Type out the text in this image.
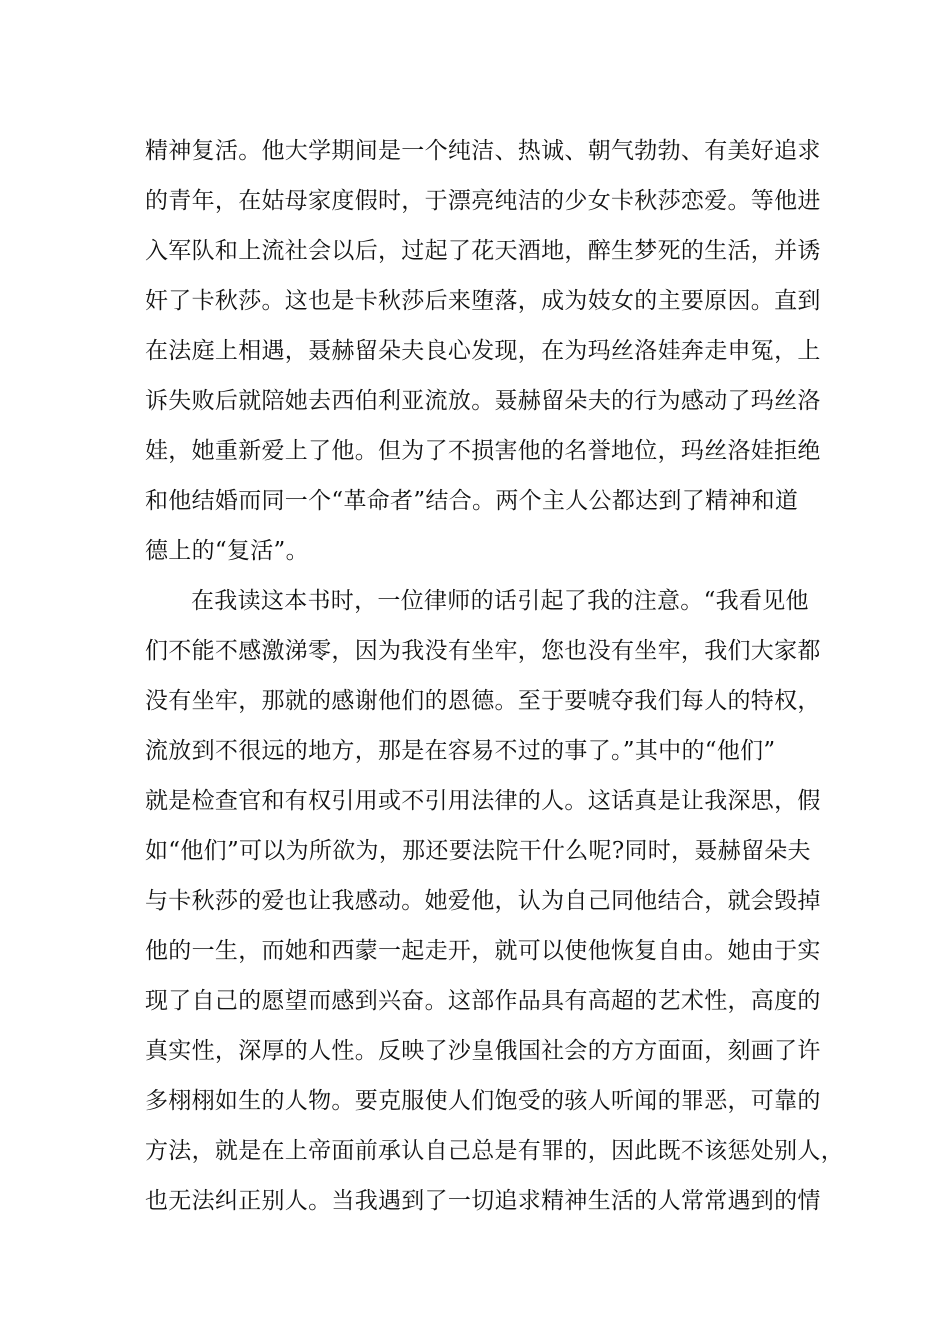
精神复活。他大学期间是一个纯洁、热诚、朝气勃勃、有美好追求
的青年，在姑母家度假时，于漂亮纯洁的少女卡秋莎恋爱。等他进
入军队和上流社会以后，过起了花天酒地，醉生梦死的生活，并诱
奸了卡秋莎。这也是卡秋莎后来堕落，成为妓女的主要原因。直到
在法庭上相遇，聂赫留朵夫良心发现，在为玛丝洛娃奔走申冤，上
诉失败后就陪她去西伯利亚流放。聂赫留朵夫的行为感动了玛丝洛
娃，她重新爱上了他。但为了不损害他的名誉地位，玛丝洛娃拒绝
和他结婚而同一个“革命者”结合。两个主人公都达到了精神和道
德上的“复活”。
在我读这本书时，一位律师的话引起了我的注意。“我看见他
们不能不感激涕零，因为我没有坐牢，您也没有坐牢，我们大家都
没有坐牢，那就的感谢他们的恩德。至于要唬夺我们每人的特权，
流放到不很远的地方，那是在容易不过的事了。”其中的“他们”
就是检查官和有权引用或不引用法律的人。这话真是让我深思，假
如“他们”可以为所欲为，那还要法院干什么呢?同时，聂赫留朵夫
与卡秋莎的爱也让我感动。她爱他，认为自己同他结合，就会毁掉
他的一生，而她和西蒙一起走开，就可以使他恢复自由。她由于实
现了自己的愿望而感到兴奋。这部作品具有高超的艺术性，高度的
真实性，深厚的人性。反映了沙皇俄国社会的方方面面，刻画了许
多栩栩如生的人物。要克服使人们饱受的骇人听闻的罪恶，可靠的
方法，就是在上帝面前承认自己总是有罪的，因此既不该惩处别人，
也无法纠正别人。当我遇到了一切追求精神生活的人常常遇到的情
